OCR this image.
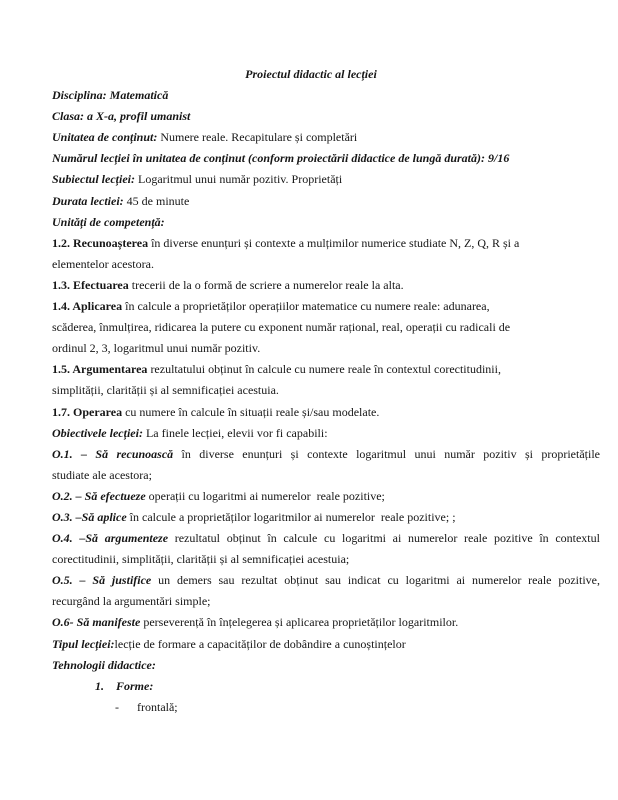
Proiectul didactic al lecției
Disciplina: Matematică
Clasa: a X-a, profil umanist
Unitatea de conținut: Numere reale. Recapitulare și completări
Numărul lecției în unitatea de conținut (conform proiectării didactice de lungă durată): 9/16
Subiectul lecției: Logaritmul unui număr pozitiv. Proprietăți
Durata lectiei: 45 de minute
Unități de competență:
1.2. Recunoașterea în diverse enunțuri și contexte a mulțimilor numerice studiate N, Z, Q, R și a
elementelor acestora.
1.3. Efectuarea trecerii de la o formă de scriere a numerelor reale la alta.
1.4. Aplicarea în calcule a proprietăților operațiilor matematice cu numere reale: adunarea,
scăderea, înmulțirea, ridicarea la putere cu exponent număr rațional, real, operații cu radicali de
ordinul 2, 3, logaritmul unui număr pozitiv.
1.5. Argumentarea rezultatului obținut în calcule cu numere reale în contextul corectitudinii,
simplității, clarității și al semnificației acestuia.
1.7. Operarea cu numere în calcule în situații reale și/sau modelate.
Obiectivele lecției: La finele lecției, elevii vor fi capabili:
O.1. – Să recunoască în diverse enunțuri și contexte logaritmul unui număr pozitiv și proprietățile
studiate ale acestora;
O.2. – Să efectueze operații cu logaritmi ai numerelor  reale pozitive;
O.3. –Să aplice în calcule a proprietăților logaritmilor ai numerelor  reale pozitive; ;
O.4. –Să argumenteze rezultatul obținut în calcule cu logaritmi ai numerelor reale pozitive în contextul
corectitudinii, simplității, clarității și al semnificației acestuia;
O.5. – Să justifice un demers sau rezultat obținut sau indicat cu logaritmi ai numerelor reale pozitive,
recurgând la argumentări simple;
O.6- Să manifeste perseverență în înțelegerea și aplicarea proprietăților logaritmilor.
Tipul lecției:lecție de formare a capacităților de dobândire a cunoștințelor
Tehnologii didactice:
1.    Forme:
-      frontală;
